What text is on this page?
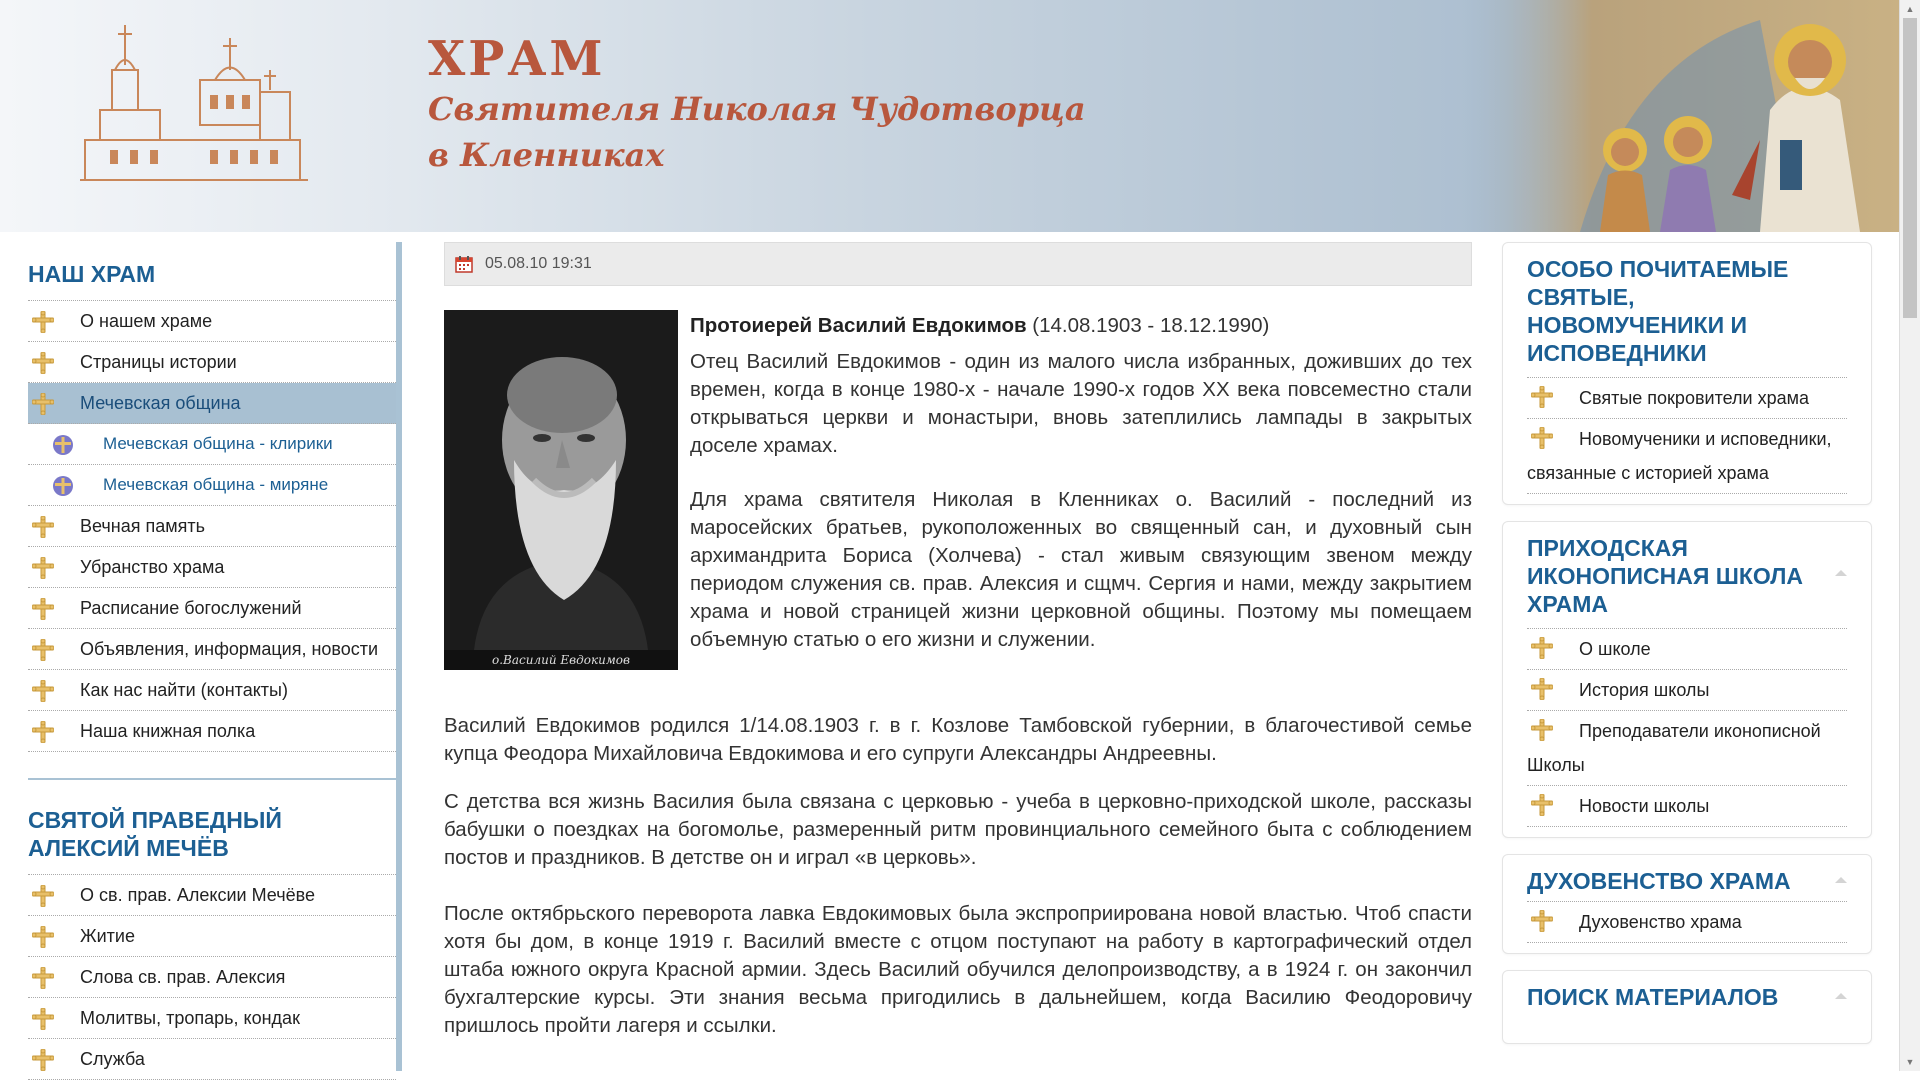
ХРАМ
Святителя Николая Чудотворца
в Кленниках
▲
▼
НАШ ХРАМ
О нашем храме
Страницы истории
Мечевская община
Мечевская община - клирики
Мечевская община - миряне
Вечная память
Убранство храма
Расписание богослужений
Объявления, информация, новости
Как нас найти (контакты)
Наша книжная полка
СВЯТОЙ ПРАВЕДНЫЙ АЛЕКСИЙ МЕЧЁВ
О св. прав. Алексии Мечёве
Житие
Слова св. прав. Алексия
Молитвы, тропарь, кондак
Служба
05.08.10 19:31
о.Василий Евдокимов

Протоиерей Василий Евдокимов (14.08.1903 - 18.12.1990)

Отец Василий Евдокимов - один из малого числа избранных, доживших до тех времен, когда в конце 1980-х - начале 1990-х годов XX века повсеместно стали открываться церкви и монастыри, вновь затеплились лампады в закрытых доселе храмах.

Для храма святителя Николая в Кленниках о. Василий - последний из маросейских братьев, рукоположенных во священный сан, и духовный сын архимандрита Бориса (Холчева) - стал живым связующим звеном между периодом служения св. прав. Алексия и сщмч. Сергия и нами, между закрытием храма и новой страницей жизни церковной общины. Поэтому мы помещаем объемную статью о его жизни и служении.

Василий Евдокимов родился 1/14.08.1903 г. в г. Козлове Тамбовской губернии, в благочестивой семье купца Феодора Михайловича Евдокимова и его супруги Александры Андреевны.

С детства вся жизнь Василия была связана с церковью - учеба в церковно-приходской школе, рассказы бабушки о поездках на богомолье, размеренный ритм провинциального семейного быта с соблюдением постов и праздников. В детстве он и играл «в церковь».

После октябрьского переворота лавка Евдокимовых была экспроприирована новой властью. Чтоб спасти хотя бы дом, в конце 1919 г. Василий вместе с отцом поступают на работу в картографический отдел штаба южного округа Красной армии. Здесь Василий обучился делопроизводству, а в 1924 г. он закончил бухгалтерские курсы. Эти знания весьма пригодились в дальнейшем, когда Василию Феодоровичу пришлось пройти лагеря и ссылки.

ОСОБО ПОЧИТАЕМЫЕ СВЯТЫЕ, НОВОМУЧЕНИКИ И ИСПОВЕДНИКИ
Святые покровители храма
Новомученики и исповедники, связанные с историей храма
ПРИХОДСКАЯ ИКОНОПИСНАЯ ШКОЛА ХРАМА
О школе
История школы
Преподаватели иконописной Школы
Новости школы
ДУХОВЕНСТВО ХРАМА
Духовенство храма
ПОИСК МАТЕРИАЛОВ
